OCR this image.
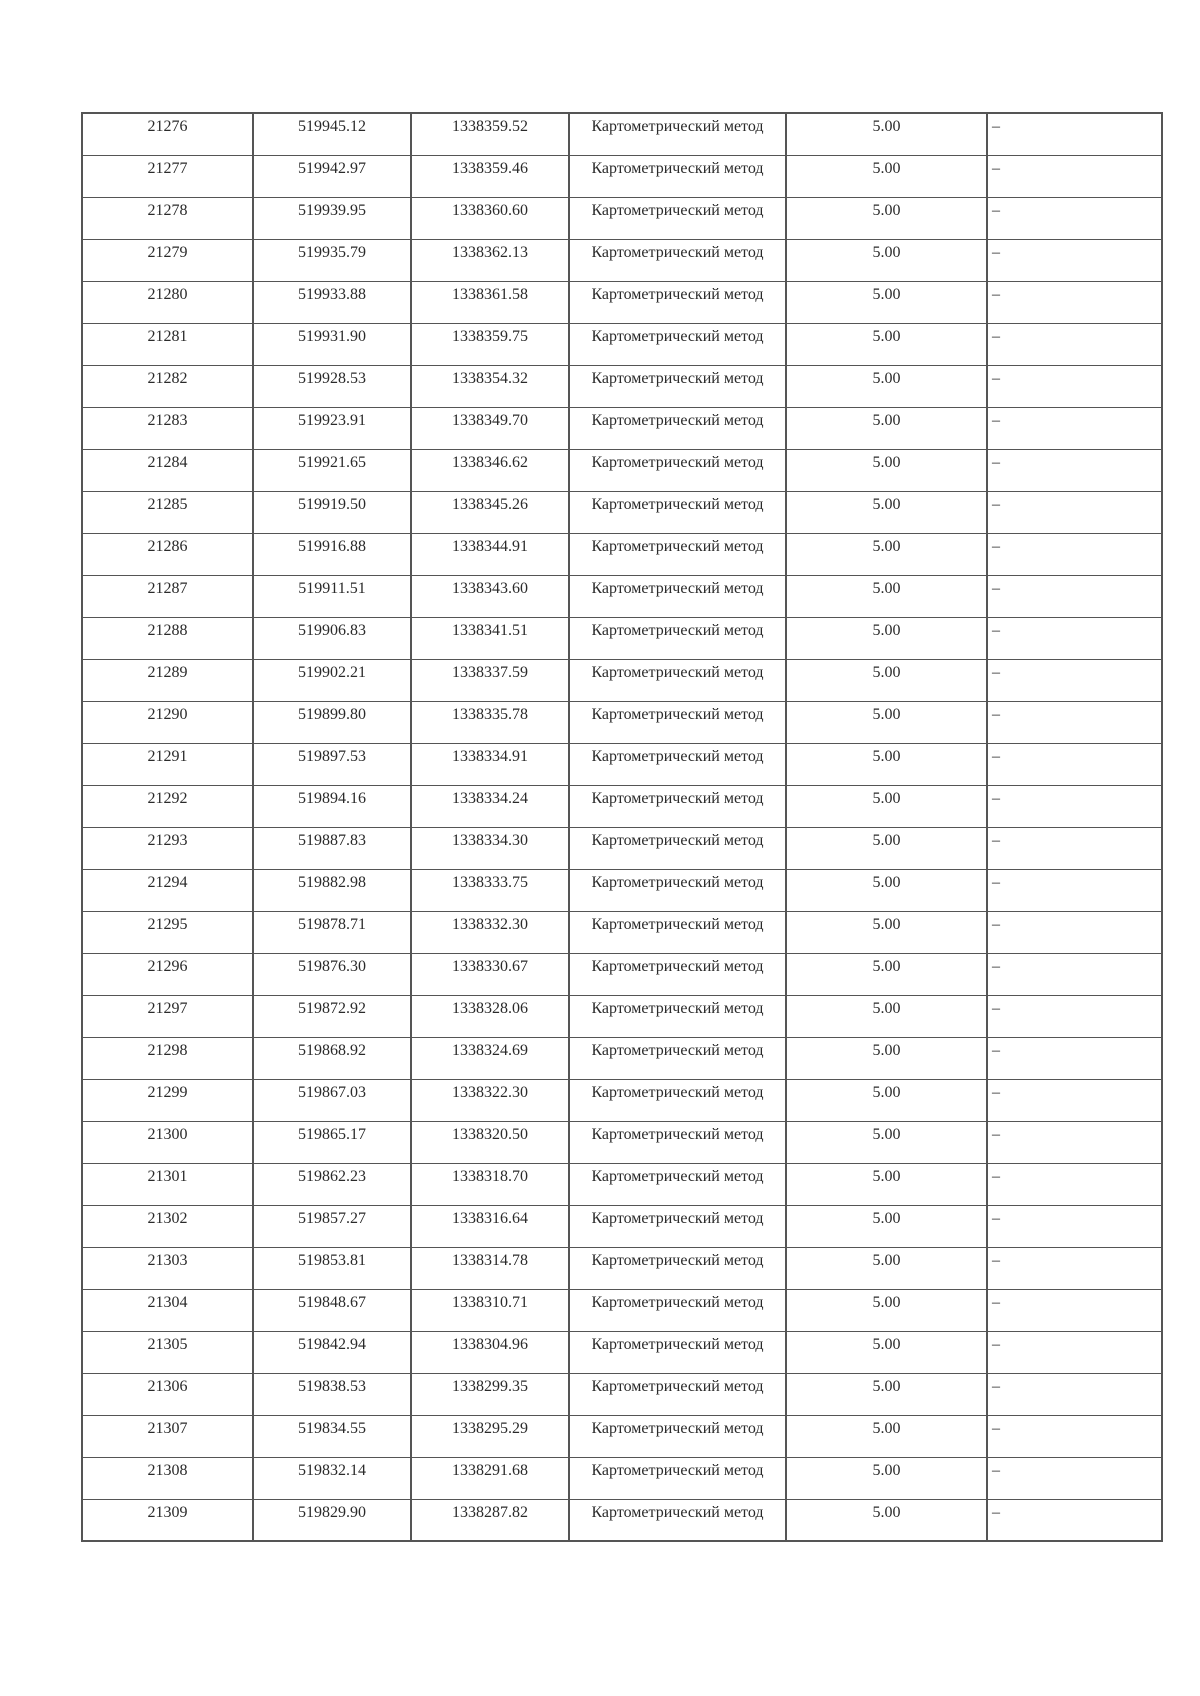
21276	519945.12	1338359.52	Картометрический метод	5.00	–
21277	519942.97	1338359.46	Картометрический метод	5.00	–
21278	519939.95	1338360.60	Картометрический метод	5.00	–
21279	519935.79	1338362.13	Картометрический метод	5.00	–
21280	519933.88	1338361.58	Картометрический метод	5.00	–
21281	519931.90	1338359.75	Картометрический метод	5.00	–
21282	519928.53	1338354.32	Картометрический метод	5.00	–
21283	519923.91	1338349.70	Картометрический метод	5.00	–
21284	519921.65	1338346.62	Картометрический метод	5.00	–
21285	519919.50	1338345.26	Картометрический метод	5.00	–
21286	519916.88	1338344.91	Картометрический метод	5.00	–
21287	519911.51	1338343.60	Картометрический метод	5.00	–
21288	519906.83	1338341.51	Картометрический метод	5.00	–
21289	519902.21	1338337.59	Картометрический метод	5.00	–
21290	519899.80	1338335.78	Картометрический метод	5.00	–
21291	519897.53	1338334.91	Картометрический метод	5.00	–
21292	519894.16	1338334.24	Картометрический метод	5.00	–
21293	519887.83	1338334.30	Картометрический метод	5.00	–
21294	519882.98	1338333.75	Картометрический метод	5.00	–
21295	519878.71	1338332.30	Картометрический метод	5.00	–
21296	519876.30	1338330.67	Картометрический метод	5.00	–
21297	519872.92	1338328.06	Картометрический метод	5.00	–
21298	519868.92	1338324.69	Картометрический метод	5.00	–
21299	519867.03	1338322.30	Картометрический метод	5.00	–
21300	519865.17	1338320.50	Картометрический метод	5.00	–
21301	519862.23	1338318.70	Картометрический метод	5.00	–
21302	519857.27	1338316.64	Картометрический метод	5.00	–
21303	519853.81	1338314.78	Картометрический метод	5.00	–
21304	519848.67	1338310.71	Картометрический метод	5.00	–
21305	519842.94	1338304.96	Картометрический метод	5.00	–
21306	519838.53	1338299.35	Картометрический метод	5.00	–
21307	519834.55	1338295.29	Картометрический метод	5.00	–
21308	519832.14	1338291.68	Картометрический метод	5.00	–
21309	519829.90	1338287.82	Картометрический метод	5.00	–
